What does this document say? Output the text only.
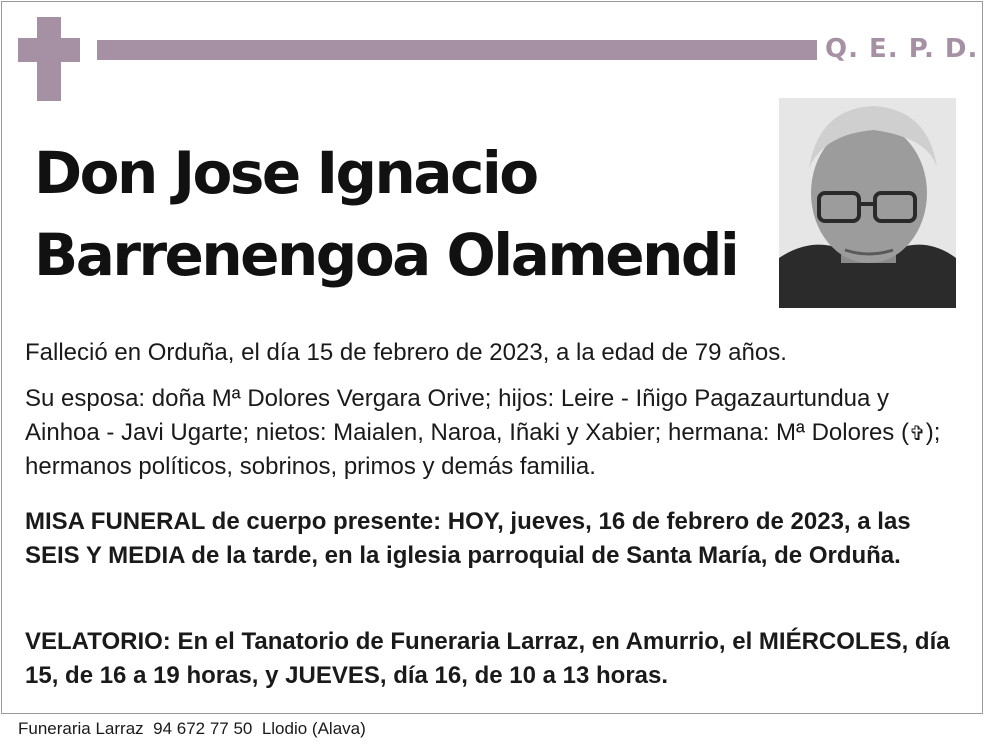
Q. E. P. D.
Don Jose Ignacio
Barrenengoa Olamendi
Falleció en Orduña, el día 15 de febrero de 2023, a la edad de 79 años.
Su esposa: doña Mª Dolores Vergara Orive; hijos: Leire - Iñigo Pagazaurtundua y Ainhoa - Javi Ugarte; nietos: Maialen, Naroa, Iñaki y Xabier; hermana: Mª Dolores (✞); hermanos políticos, sobrinos, primos y demás familia.
MISA FUNERAL de cuerpo presente: HOY, jueves, 16 de febrero de 2023, a las SEIS Y MEDIA de la tarde, en la iglesia parroquial de Santa María, de Orduña.
VELATORIO: En el Tanatorio de Funeraria Larraz, en Amurrio, el MIÉRCOLES, día 15, de 16 a 19 horas, y JUEVES, día 16, de 10 a 13 horas.
Funeraria Larraz  94 672 77 50  Llodio (Alava)
